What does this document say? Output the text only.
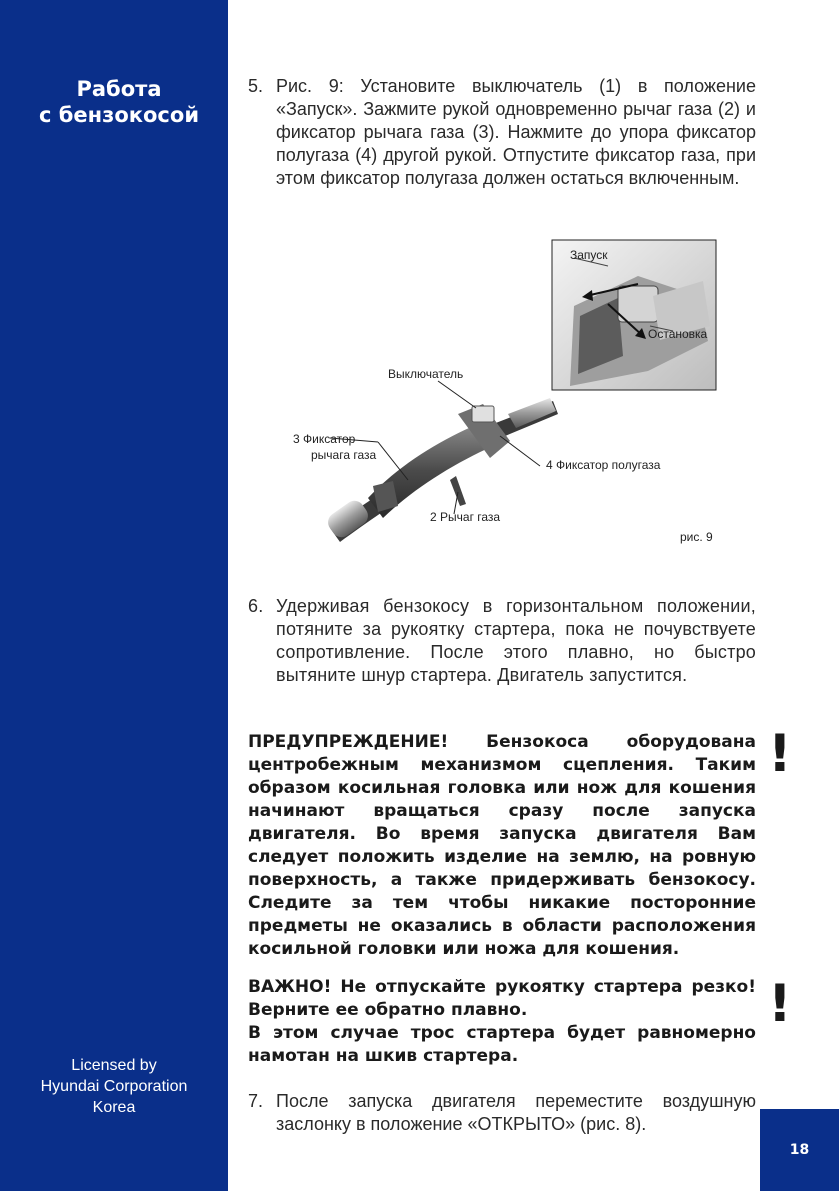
Работа
с бензокосой
Licensed by
Hyundai Corporation
Korea
5. Рис. 9: Установите выключатель (1) в положение «Запуск». Зажмите рукой одновременно рычаг газа (2) и фиксатор рычага газа (3). Нажмите до упора фиксатор полугаза (4) другой рукой. Отпустите фиксатор газа, при этом фиксатор полугаза должен остаться включенным.
Запуск
Остановка
Выключатель
3 Фиксатор
рычага газа
4 Фиксатор полугаза
2 Рычаг газа
рис. 9
6. Удерживая бензокосу в горизонтальном положении, потяните за рукоятку стартера, пока не почувствуете сопротивление. После этого плавно, но быстро вытяните шнур стартера. Двигатель запустится.

ПРЕДУПРЕЖДЕНИЕ! Бензокоса оборудована центробежным механизмом сцепления. Таким образом косильная головка или нож для кошения начинают вращаться сразу после запуска двигателя. Во время запуска двигателя Вам следует положить изделие на землю, на ровную поверхность, а также придерживать бензокосу. Следите за тем чтобы никакие посторонние предметы не оказались в области расположения косильной головки или ножа для кошения.

!

ВАЖНО! Не отпускайте рукоятку стартера резко! Верните ее обратно плавно.

В этом случае трос стартера будет равномерно намотан на шкив стартера.

!
7. После запуска двигателя переместите воздушную заслонку в положение «ОТКРЫТО» (рис. 8).
18
